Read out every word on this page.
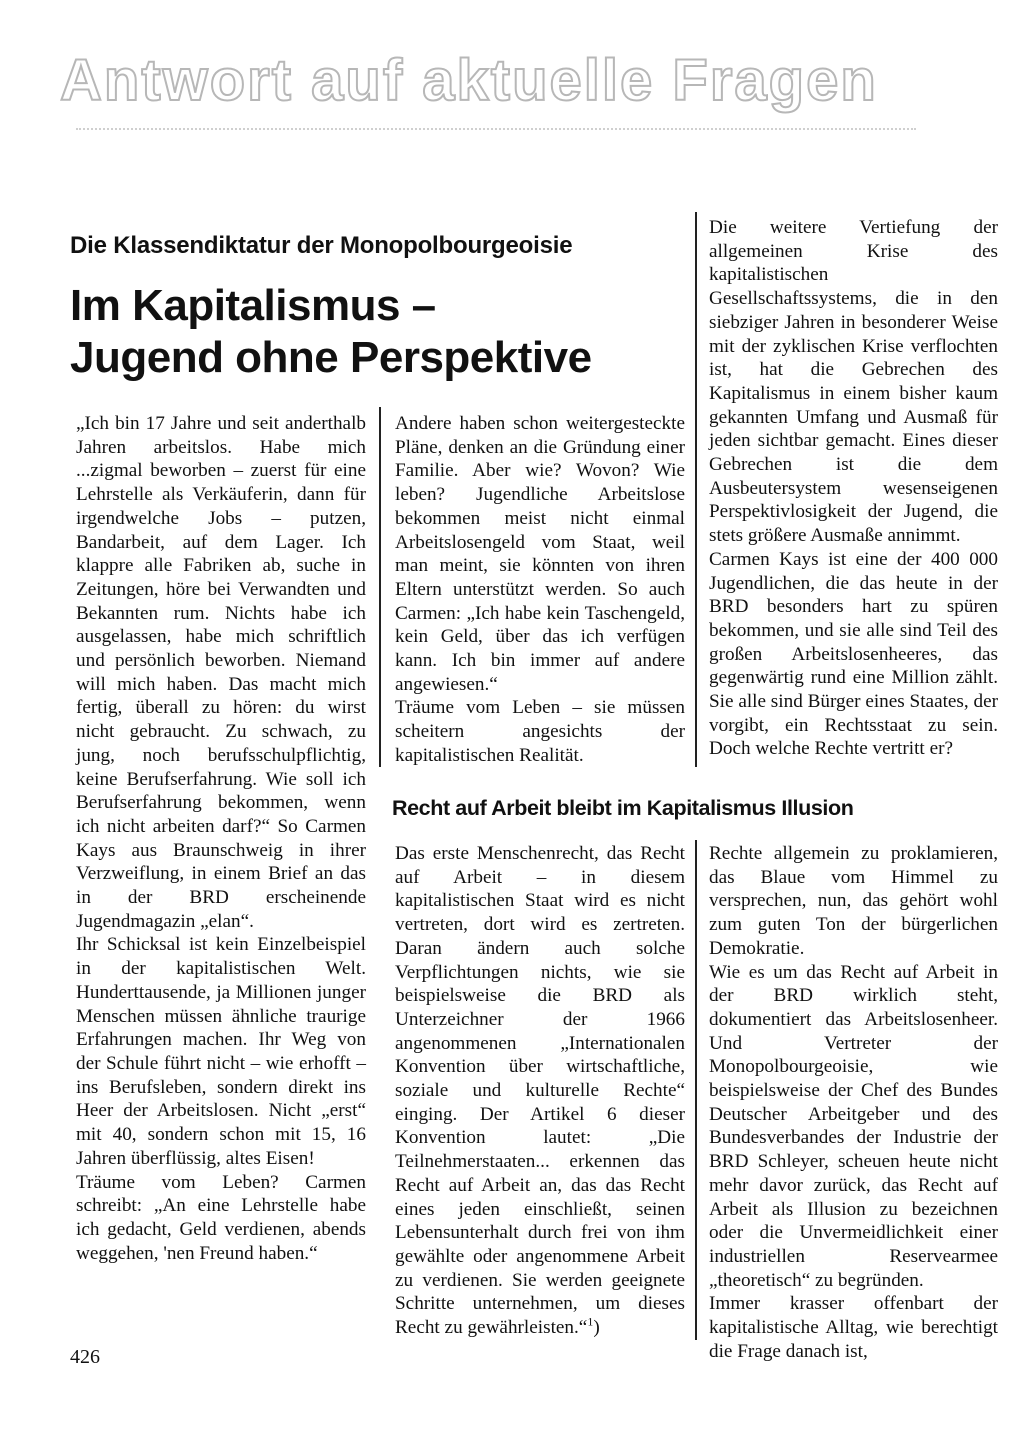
Antwort auf aktuelle Fragen
Die Klassendiktatur der Monopolbourgeoisie
Im Kapitalismus –
Jugend ohne Perspektive

„Ich bin 17 Jahre und seit anderthalb Jahren arbeitslos. Habe mich ...zigmal beworben – zuerst für eine Lehrstelle als Verkäuferin, dann für irgendwelche Jobs – putzen, Bandarbeit, auf dem Lager. Ich klappre alle Fabriken ab, suche in Zeitungen, höre bei Verwandten und Bekannten rum. Nichts habe ich ausgelassen, habe mich schriftlich und persönlich beworben. Niemand will mich haben. Das macht mich fertig, überall zu hören: du wirst nicht gebraucht. Zu schwach, zu jung, noch berufsschulpflichtig, keine Berufserfahrung. Wie soll ich Berufserfahrung bekommen, wenn ich nicht arbeiten darf?“ So Carmen Kays aus Braunschweig in ihrer Verzweiflung, in einem Brief an das in der BRD erscheinende Jugendmagazin „elan“.

Ihr Schicksal ist kein Einzelbeispiel in der kapitalistischen Welt. Hunderttausende, ja Millionen junger Menschen müssen ähnliche traurige Erfahrungen machen. Ihr Weg von der Schule führt nicht – wie erhofft – ins Berufsleben, sondern direkt ins Heer der Arbeitslosen. Nicht „erst“ mit 40, sondern schon mit 15, 16 Jahren überflüssig, altes Eisen!

Träume vom Leben? Carmen schreibt: „An eine Lehrstelle habe ich gedacht, Geld verdienen, abends weggehen, 'nen Freund haben.“

Andere haben schon weitergesteckte Pläne, denken an die Gründung einer Familie. Aber wie? Wovon? Wie leben? Jugendliche Arbeitslose bekommen meist nicht einmal Arbeitslosengeld vom Staat, weil man meint, sie könnten von ihren Eltern unterstützt werden. So auch Carmen: „Ich habe kein Taschengeld, kein Geld, über das ich verfügen kann. Ich bin immer auf andere angewiesen.“

Träume vom Leben – sie müssen scheitern angesichts der kapitalistischen Realität.

Die weitere Vertiefung der allgemeinen Krise des kapitalistischen Gesellschaftssystems, die in den siebziger Jahren in besonderer Weise mit der zyklischen Krise verflochten ist, hat die Gebrechen des Kapitalismus in einem bisher kaum gekannten Umfang und Ausmaß für jeden sichtbar gemacht. Eines dieser Gebrechen ist die dem Ausbeutersystem wesenseigenen Perspektivlosigkeit der Jugend, die stets größere Ausmaße annimmt.

Carmen Kays ist eine der 400 000 Jugendlichen, die das heute in der BRD besonders hart zu spüren bekommen, und sie alle sind Teil des großen Arbeitslosenheeres, das gegenwärtig rund eine Million zählt. Sie alle sind Bürger eines Staates, der vorgibt, ein Rechtsstaat zu sein. Doch welche Rechte vertritt er?

Recht auf Arbeit bleibt im Kapitalismus Illusion

Das erste Menschenrecht, das Recht auf Arbeit – in diesem kapitalistischen Staat wird es nicht vertreten, dort wird es zertreten. Daran ändern auch solche Verpflichtungen nichts, wie sie beispielsweise die BRD als Unterzeichner der 1966 angenommenen „Internationalen Konvention über wirtschaftliche, soziale und kulturelle Rechte“ einging. Der Artikel 6 dieser Konvention lautet: „Die Teilnehmerstaaten... erkennen das Recht auf Arbeit an, das das Recht eines jeden einschließt, seinen Lebensunterhalt durch frei von ihm gewählte oder angenommene Arbeit zu verdienen. Sie werden geeignete Schritte unternehmen, um dieses Recht zu gewährleisten.“$^1$)

Rechte allgemein zu proklamieren, das Blaue vom Himmel zu versprechen, nun, das gehört wohl zum guten Ton der bürgerlichen Demokratie.

Wie es um das Recht auf Arbeit in der BRD wirklich steht, dokumentiert das Arbeitslosenheer. Und Vertreter der Monopolbourgeoisie, wie beispielsweise der Chef des Bundes Deutscher Arbeitgeber und des Bundesverbandes der Industrie der BRD Schleyer, scheuen heute nicht mehr davor zurück, das Recht auf Arbeit als Illusion zu bezeichnen oder die Unvermeidlichkeit einer industriellen Reservearmee „theoretisch“ zu begründen.

Immer krasser offenbart der kapitalistische Alltag, wie berechtigt die Frage danach ist,

426
